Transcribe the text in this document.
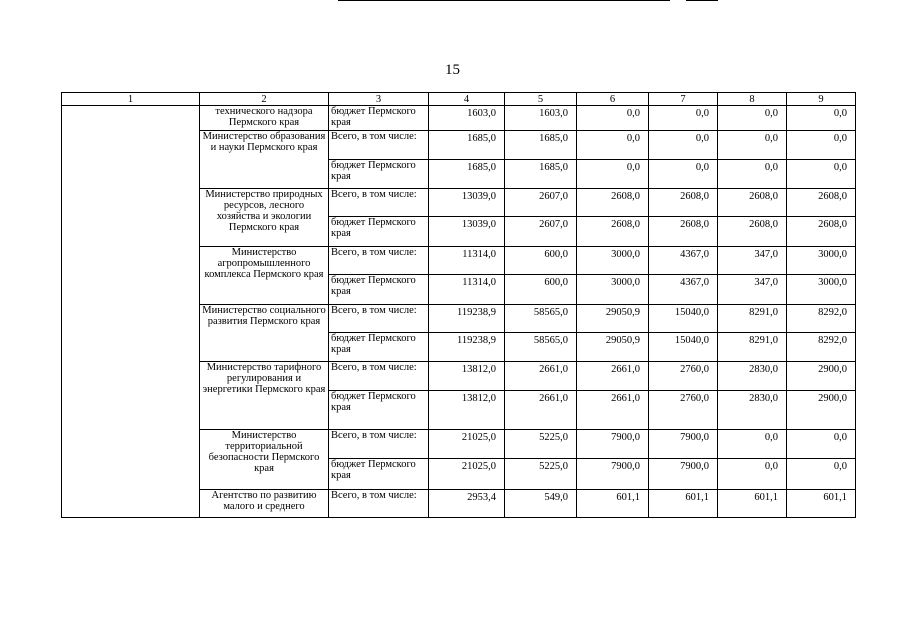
15
1	2	3	4	5	6	7	8	9
	технического надзора Пермского края	бюджет Пермского края	1603,0	1603,0	0,0	0,0	0,0	0,0
	Министерство образования и науки Пермского края	Всего, в том числе:	1685,0	1685,0	0,0	0,0	0,0	0,0
		бюджет Пермского края	1685,0	1685,0	0,0	0,0	0,0	0,0
	Министерство природных ресурсов, лесного хозяйства и экологии Пермского края	Всего, в том числе:	13039,0	2607,0	2608,0	2608,0	2608,0	2608,0
		бюджет Пермского края	13039,0	2607,0	2608,0	2608,0	2608,0	2608,0
	Министерство агропромышленного комплекса Пермского края	Всего, в том числе:	11314,0	600,0	3000,0	4367,0	347,0	3000,0
		бюджет Пермского края	11314,0	600,0	3000,0	4367,0	347,0	3000,0
	Министерство социального развития Пермского края	Всего, в том числе:	119238,9	58565,0	29050,9	15040,0	8291,0	8292,0
		бюджет Пермского края	119238,9	58565,0	29050,9	15040,0	8291,0	8292,0
	Министерство тарифного регулирования и энергетики Пермского края	Всего, в том числе:	13812,0	2661,0	2661,0	2760,0	2830,0	2900,0
		бюджет Пермского края	13812,0	2661,0	2661,0	2760,0	2830,0	2900,0
	Министерство территориальной безопасности Пермского края	Всего, в том числе:	21025,0	5225,0	7900,0	7900,0	0,0	0,0
		бюджет Пермского края	21025,0	5225,0	7900,0	7900,0	0,0	0,0
	Агентство по развитию малого и среднего	Всего, в том числе:	2953,4	549,0	601,1	601,1	601,1	601,1
